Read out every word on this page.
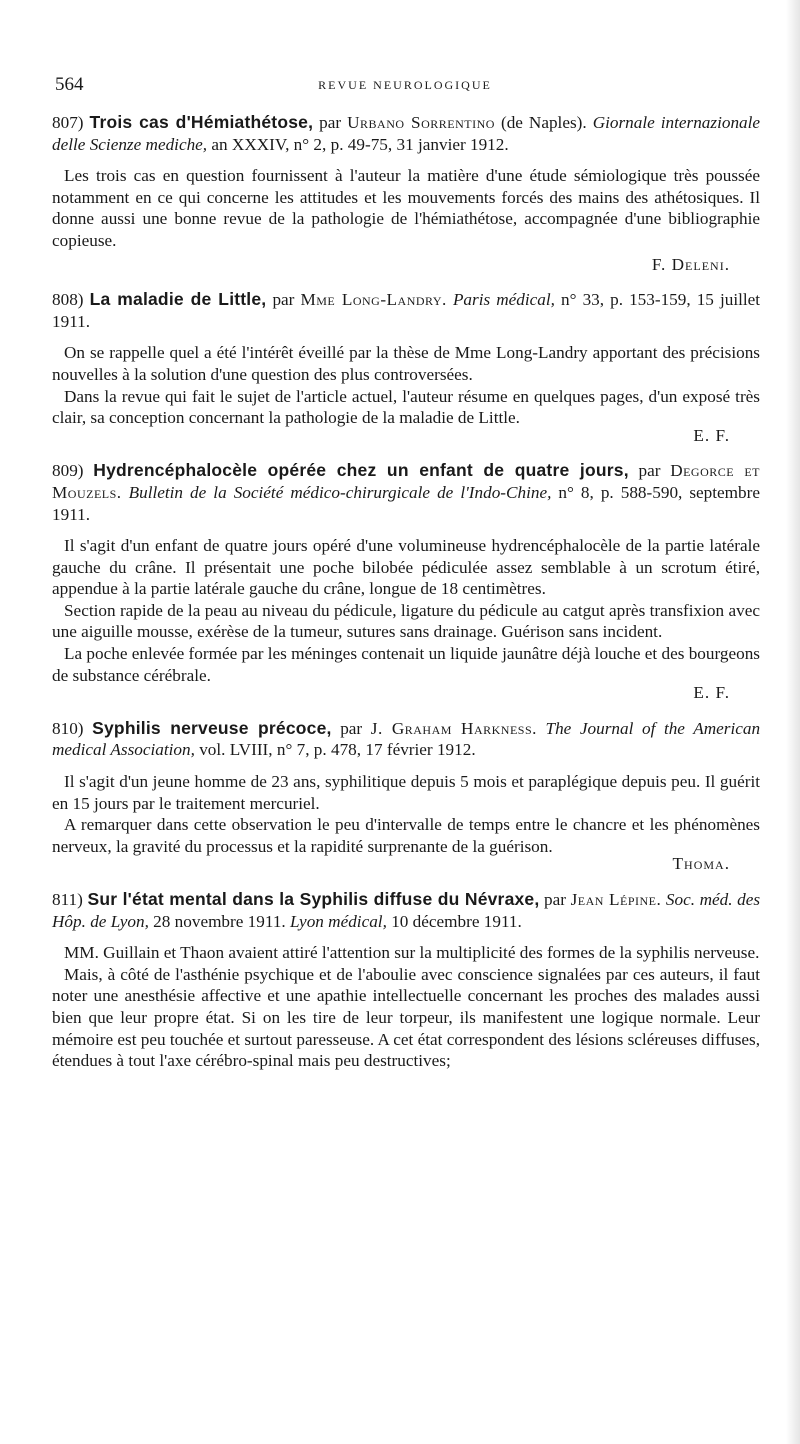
564	REVUE NEUROLOGIQUE
807) Trois cas d'Hémiathétose, par Urbano Sorrentino (de Naples). Giornale internazionale delle Scienze mediche, an XXXIV, n° 2, p. 49-75, 31 janvier 1912.

Les trois cas en question fournissent à l'auteur la matière d'une étude sémiologique très poussée notamment en ce qui concerne les attitudes et les mouvements forcés des mains des athétosiques. Il donne aussi une bonne revue de la pathologie de l'hémiathétose, accompagnée d'une bibliographie copieuse.

F. Deleni.
808) La maladie de Little, par Mme Long-Landry. Paris médical, n° 33, p. 153-159, 15 juillet 1911.

On se rappelle quel a été l'intérêt éveillé par la thèse de Mme Long-Landry apportant des précisions nouvelles à la solution d'une question des plus controversées.

Dans la revue qui fait le sujet de l'article actuel, l'auteur résume en quelques pages, d'un exposé très clair, sa conception concernant la pathologie de la maladie de Little.

E. F.
809) Hydrencéphalocèle opérée chez un enfant de quatre jours, par Degorce et Mouzels. Bulletin de la Société médico-chirurgicale de l'Indo-Chine, n° 8, p. 588-590, septembre 1911.

Il s'agit d'un enfant de quatre jours opéré d'une volumineuse hydrencéphalocèle de la partie latérale gauche du crâne. Il présentait une poche bilobée pédiculée assez semblable à un scrotum étiré, appendue à la partie latérale gauche du crâne, longue de 18 centimètres.

Section rapide de la peau au niveau du pédicule, ligature du pédicule au catgut après transfixion avec une aiguille mousse, exérèse de la tumeur, sutures sans drainage. Guérison sans incident.

La poche enlevée formée par les méninges contenait un liquide jaunâtre déjà louche et des bourgeons de substance cérébrale.

E. F.
810) Syphilis nerveuse précoce, par J. Graham Harkness. The Journal of the American medical Association, vol. LVIII, n° 7, p. 478, 17 février 1912.

Il s'agit d'un jeune homme de 23 ans, syphilitique depuis 5 mois et paraplégique depuis peu. Il guérit en 15 jours par le traitement mercuriel.

A remarquer dans cette observation le peu d'intervalle de temps entre le chancre et les phénomènes nerveux, la gravité du processus et la rapidité surprenante de la guérison.

Thoma.
811) Sur l'état mental dans la Syphilis diffuse du Névraxe, par Jean Lépine. Soc. méd. des Hôp. de Lyon, 28 novembre 1911. Lyon médical, 10 décembre 1911.

MM. Guillain et Thaon avaient attiré l'attention sur la multiplicité des formes de la syphilis nerveuse.

Mais, à côté de l'asthénie psychique et de l'aboulie avec conscience signalées par ces auteurs, il faut noter une anesthésie affective et une apathie intellectuelle concernant les proches des malades aussi bien que leur propre état. Si on les tire de leur torpeur, ils manifestent une logique normale. Leur mémoire est peu touchée et surtout paresseuse. A cet état correspondent des lésions scléreuses diffuses, étendues à tout l'axe cérébro-spinal mais peu destructives;
